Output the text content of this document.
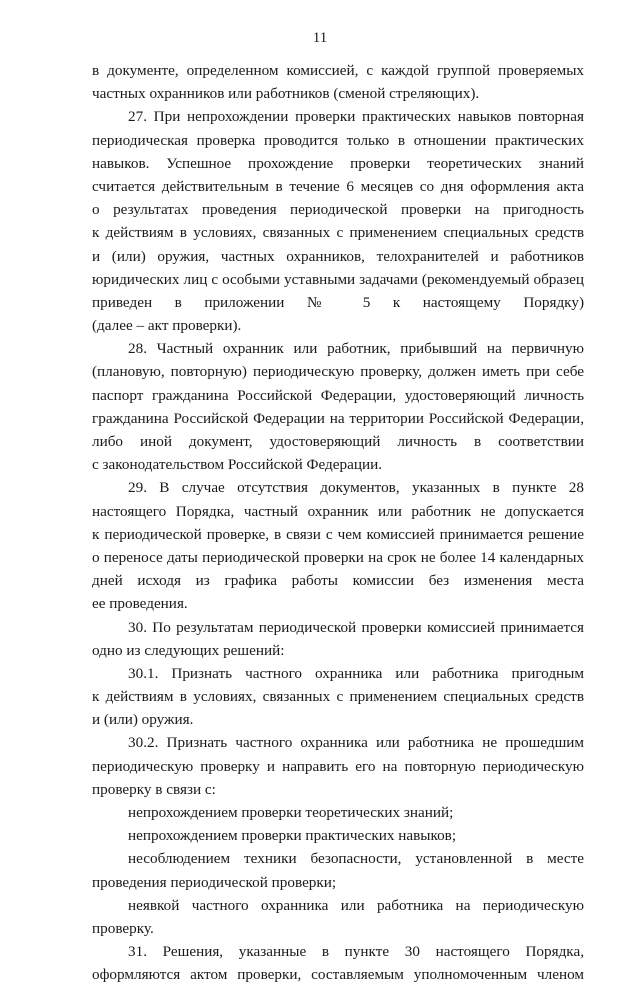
11
в документе, определенном комиссией, с каждой группой проверяемых
частных охранников или работников (сменой стреляющих).
27. При непрохождении проверки практических навыков повторная
периодическая проверка проводится только в отношении практических
навыков. Успешное прохождение проверки теоретических знаний
считается действительным в течение 6 месяцев со дня оформления акта
о результатах проведения периодической проверки на пригодность
к действиям в условиях, связанных с применением специальных средств
и (или) оружия, частных охранников, телохранителей и работников
юридических лиц с особыми уставными задачами (рекомендуемый образец
приведен в приложении № 5 к настоящему Порядку)
(далее – акт проверки).
28. Частный охранник или работник, прибывший на первичную
(плановую, повторную) периодическую проверку, должен иметь при себе
паспорт гражданина Российской Федерации, удостоверяющий личность
гражданина Российской Федерации на территории Российской Федерации,
либо иной документ, удостоверяющий личность в соответствии
с законодательством Российской Федерации.
29. В случае отсутствия документов, указанных в пункте 28
настоящего Порядка, частный охранник или работник не допускается
к периодической проверке, в связи с чем комиссией принимается решение
о переносе даты периодической проверки на срок не более 14 календарных
дней исходя из графика работы комиссии без изменения места
ее проведения.
30. По результатам периодической проверки комиссией принимается
одно из следующих решений:
30.1. Признать частного охранника или работника пригодным
к действиям в условиях, связанных с применением специальных средств
и (или) оружия.
30.2. Признать частного охранника или работника не прошедшим
периодическую проверку и направить его на повторную периодическую
проверку в связи с:
непрохождением проверки теоретических знаний;
непрохождением проверки практических навыков;
несоблюдением техники безопасности, установленной в месте
проведения периодической проверки;
неявкой частного охранника или работника на периодическую
проверку.
31. Решения, указанные в пункте 30 настоящего Порядка,
оформляются актом проверки, составляемым уполномоченным членом
